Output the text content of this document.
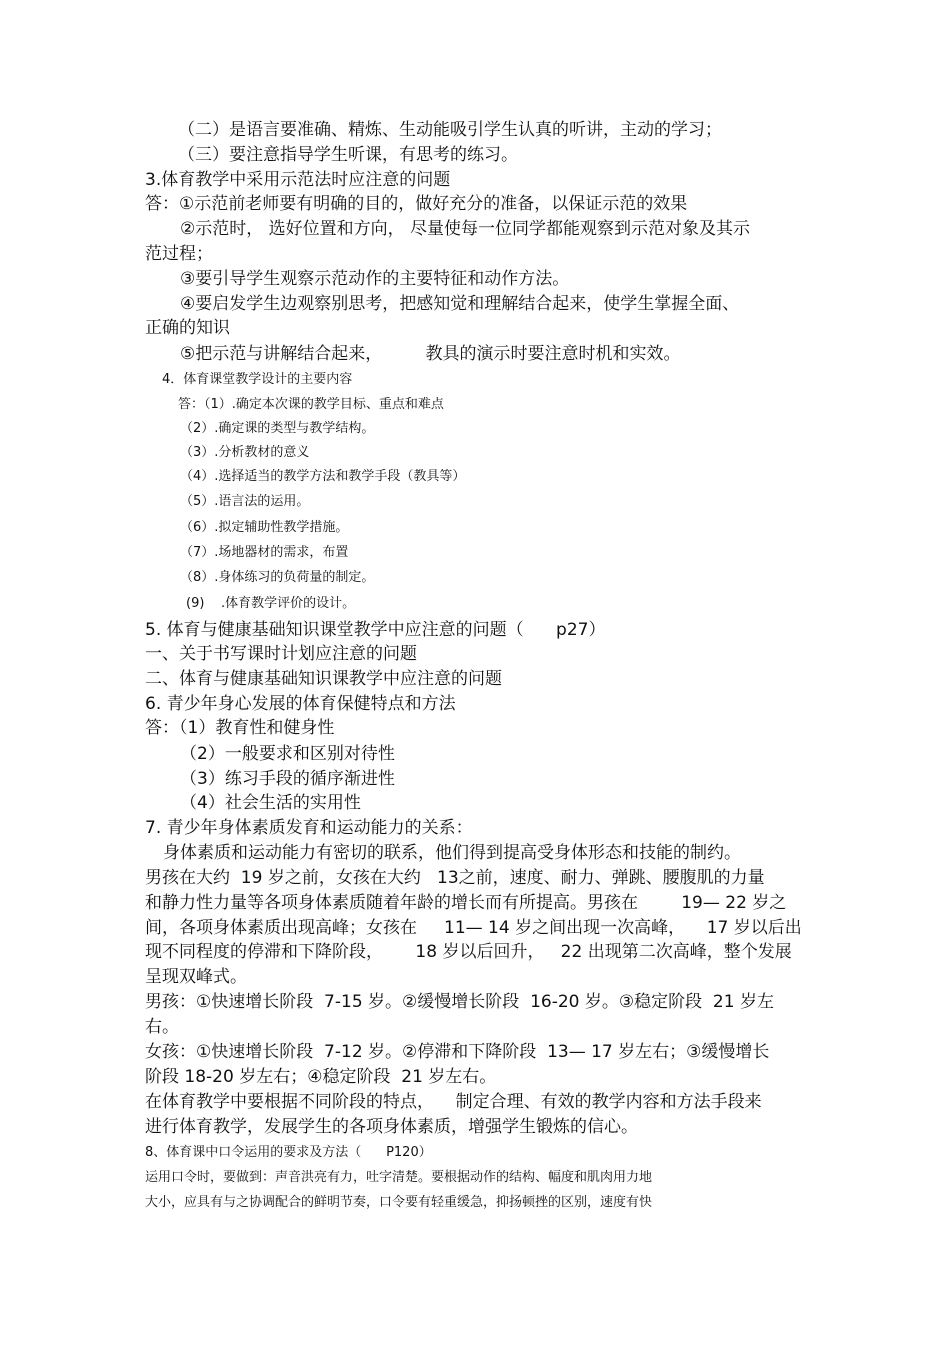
（二）是语言要准确、精炼、生动能吸引学生认真的听讲，主动的学习；
（三）要注意指导学生听课，有思考的练习。
3.体育教学中采用示范法时应注意的问题
答：①示范前老师要有明确的目的，做好充分的准备，以保证示范的效果
②示范时， 选好位置和方向， 尽量使每一位同学都能观察到示范对象及其示
范过程；
③要引导学生观察示范动作的主要特征和动作方法。
④要启发学生边观察别思考，把感知觉和理解结合起来，使学生掌握全面、
正确的知识
⑤把示范与讲解结合起来，        教具的演示时要注意时机和实效。
4．体育课堂教学设计的主要内容
答：（1）.确定本次课的教学目标、重点和难点
（2）.确定课的类型与教学结构。
（3）.分析教材的意义
（4）.选择适当的教学方法和教学手段（教具等）
（5）.语言法的运用。
（6）.拟定辅助性教学措施。
（7）.场地器材的需求，布置
（8）.身体练习的负荷量的制定。
(9)    .体育教学评价的设计。
5. 体育与健康基础知识课堂教学中应注意的问题（      p27）
一、关于书写课时计划应注意的问题
二、体育与健康基础知识课教学中应注意的问题
6. 青少年身心发展的体育保健特点和方法
答：（1）教育性和健身性
（2）一般要求和区别对待性
（3）练习手段的循序渐进性
（4）社会生活的实用性
7. 青少年身体素质发育和运动能力的关系：
身体素质和运动能力有密切的联系，他们得到提高受身体形态和技能的制约。
男孩在大约  19 岁之前，女孩在大约   13之前，速度、耐力、弹跳、腰腹肌的力量
和静力性力量等各项身体素质随着年龄的增长而有所提高。男孩在        19— 22 岁之
间，各项身体素质出现高峰；女孩在     11— 14 岁之间出现一次高峰，    17 岁以后出
现不同程度的停滞和下降阶段，      18 岁以后回升，   22 出现第二次高峰，整个发展
呈现双峰式。
男孩：①快速增长阶段  7-15 岁。②缓慢增长阶段  16-20 岁。③稳定阶段  21 岁左
右。
女孩：①快速增长阶段  7-12 岁。②停滞和下降阶段  13— 17 岁左右；③缓慢增长
阶段 18-20 岁左右；④稳定阶段  21 岁左右。
在体育教学中要根据不同阶段的特点，    制定合理、有效的教学内容和方法手段来
进行体育教学，发展学生的各项身体素质，增强学生锻炼的信心。
8、体育课中口令运用的要求及方法（      P120）
运用口令时，要做到：声音洪亮有力，吐字清楚。要根据动作的结构、幅度和肌肉用力地
大小，应具有与之协调配合的鲜明节奏，口令要有轻重缓急，抑扬顿挫的区别，速度有快
